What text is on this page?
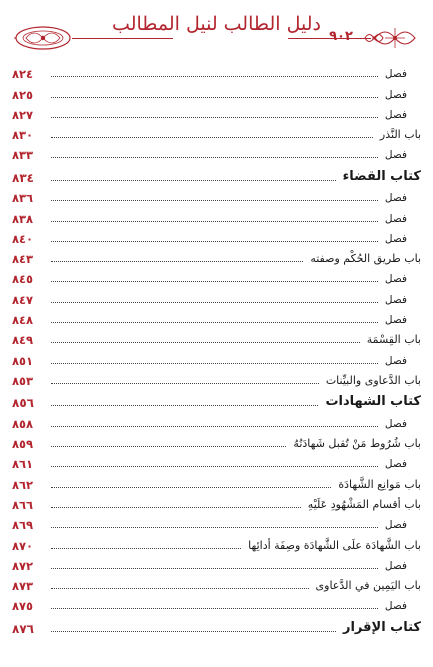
دليل الطالب لنيل المطالب
٩٠٢
فصل
٨٢٤
فصل
٨٢٥
فصل
٨٢٧
باب النَّذر
٨٣٠
فصل
٨٣٣
كتاب القضاء
٨٣٤
فصل
٨٣٦
فصل
٨٣٨
فصل
٨٤٠
باب طريق الحُكْم وصفته
٨٤٣
فصل
٨٤٥
فصل
٨٤٧
فصل
٨٤٨
باب القِسْمَة
٨٤٩
فصل
٨٥١
باب الدَّعاوى والبيِّنات
٨٥٣
كتاب الشهادات
٨٥٦
فصل
٨٥٨
باب شُرُوط مَنْ تُقبل شَهادَتُهُ
٨٥٩
فصل
٨٦١
باب مَوانِع الشَّهادَة
٨٦٢
باب أقسام المَشْهُودِ عَلَيْهِ
٨٦٦
فصل
٨٦٩
باب الشَّهادَة علَى الشَّهادَة وصِفَة أدائِها
٨٧٠
فصل
٨٧٢
باب اليَمِين في الدَّعاوى
٨٧٣
فصل
٨٧٥
كتاب الإقرار
٨٧٦
